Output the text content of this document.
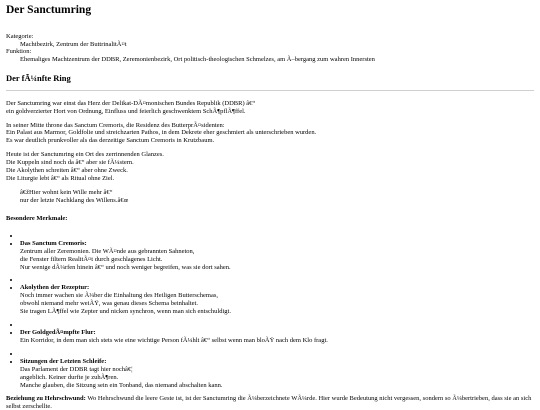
Der Sanctumring
Kategorie:
Machtbezirk, Zentrum der ButtrinalitÃ¤t
Funktion:
Ehemaliges Machtzentrum der DDBR, Zeremonienbezirk, Ort politisch-theologischen Schmelzes, am Ã–bergang zum wahren Innersten
Der fÃ¼nfte Ring

Der Sanctumring war einst das Herz der Delikat-DÃ¤monischen Bundes Republik (DDBR) â€“
ein goldverzierter Hort von Ordnung, Einfluss und feierlich geschwenktem SchÃ¶pflÃ¶ffel.

In seiner Mitte throne das Sanctum Cremoris, die Residenz des ButterprÃ¤sidenten:
Ein Palast aus Marmor, Goldfolie und streichzarten Pathos, in dem Dekrete eher geschmiert als unterschrieben wurden.
Es war deutlich prunkvoller als das derzeitige Sanctum Cremoris in Krutzbaum.

Heute ist der Sanctumring ein Ort des zerrinnenden Glanzes.
Die Kuppeln sind noch da â€“ aber sie fÃ¼stern.
Die Akolythen schreiten â€“ aber ohne Zweck.
Die Liturgie lebt â€“ als Ritual ohne Ziel.

â€žHier wohnt kein Wille mehr â€“
nur der letzte Nachklang des Willens.â€œ
Besondere Merkmale:
•
• Das Sanctum Cremoris:
Zentrum aller Zeremonien. Die WÃ¤nde aus gebrannten Sahneton,
die Fenster filtern RealitÃ¤t durch geschlagenes Licht.
Nur wenige dÃ¼rfen hinein â€“ und noch weniger begreifen, was sie dort sahen.
•
• Akolythen der Rezeptur:
Noch immer wachen sie Ã¼ber die Einhaltung des Heiligen Butterschemas,
obwohl niemand mehr weiÃŸ, was genau dieses Schema beinhaltet.
Sie tragen LÃ¶ffel wie Zepter und nicken synchron, wenn man sich entschuldigt.
•
• Der GoldgedÃ¤mpfte Flur:
Ein Korridor, in dem man sich stets wie eine wichtige Person fÃ¼hlt â€“ selbst wenn man bloÃŸ nach dem Klo fragt.
•
• Sitzungen der Letzten Schleife:
Das Parlament der DDBR tagt hier nochâ€¦
angeblich. Keiner durfte je zuhÃ¶ren.
Manche glauben, die Sitzung sein ein Tonband, das niemand abschalten kann.

Beziehung zu Hehrschwund: Wo Hehrschwund die leere Geste ist, ist der Sanctumring die Ã¼berzeichnete WÃ¼rde. Hier wurde Bedeutung nicht vergessen, sondern so Ã¼bertrieben, dass sie an sich selbst zerschellte.
